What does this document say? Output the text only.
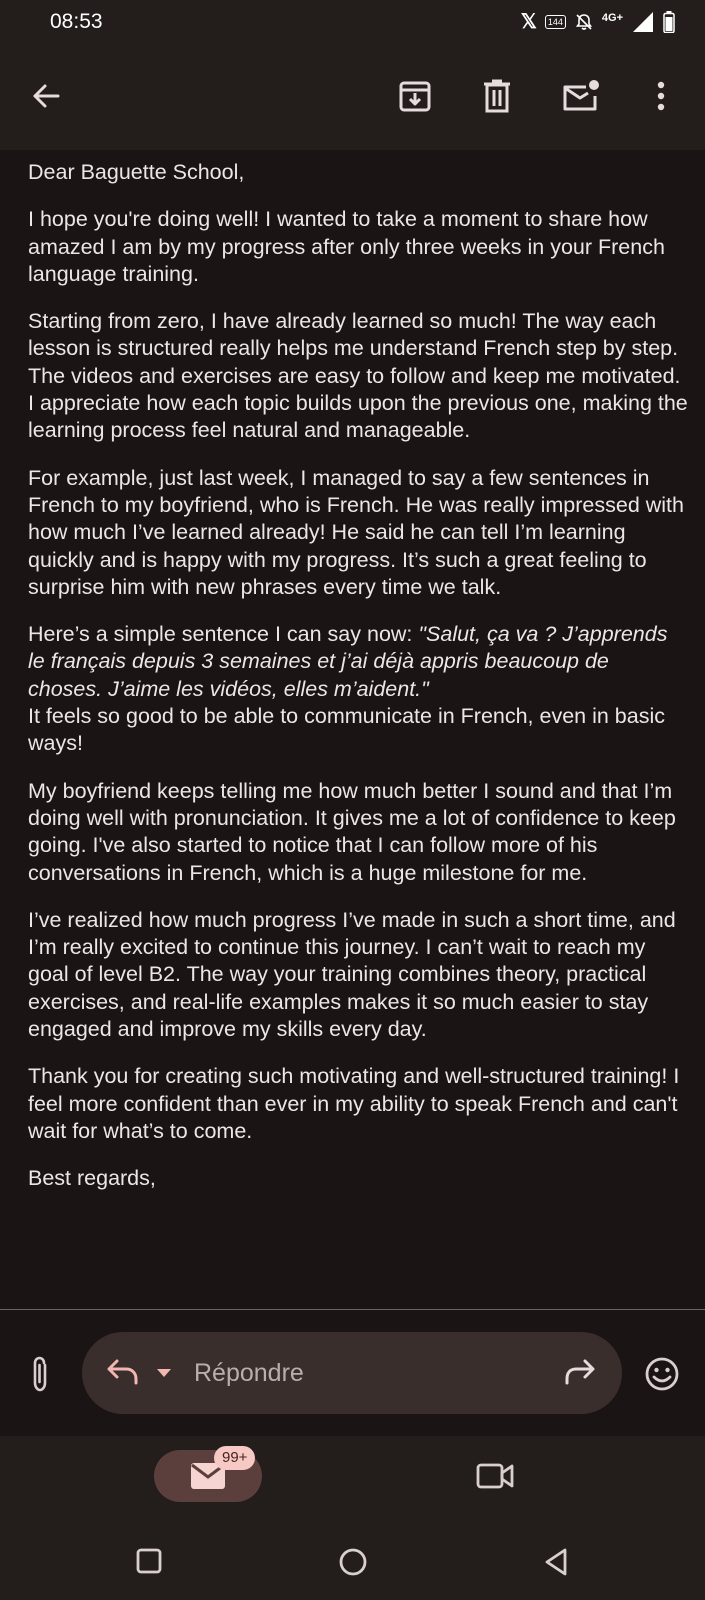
08:53	𝕏	144	4G+

Dear Baguette School,

I hope you're doing well! I wanted to take a moment to share how amazed I am by my progress after only three weeks in your French language training.

Starting from zero, I have already learned so much! The way each lesson is structured really helps me understand French step by step. The videos and exercises are easy to follow and keep me motivated. I appreciate how each topic builds upon the previous one, making the learning process feel natural and manageable.

For example, just last week, I managed to say a few sentences in French to my boyfriend, who is French. He was really impressed with how much I’ve learned already! He said he can tell I’m learning quickly and is happy with my progress. It’s such a great feeling to surprise him with new phrases every time we talk.

Here’s a simple sentence I can say now: "Salut, ça va ? J’apprends le français depuis 3 semaines et j’ai déjà appris beaucoup de choses. J’aime les vidéos, elles m’aident."
It feels so good to be able to communicate in French, even in basic ways!

My boyfriend keeps telling me how much better I sound and that I’m doing well with pronunciation. It gives me a lot of confidence to keep going. I've also started to notice that I can follow more of his conversations in French, which is a huge milestone for me.

I’ve realized how much progress I’ve made in such a short time, and I’m really excited to continue this journey. I can’t wait to reach my goal of level B2. The way your training combines theory, practical exercises, and real-life examples makes it so much easier to stay engaged and improve my skills every day.

Thank you for creating such motivating and well-structured training! I feel more confident than ever in my ability to speak French and can't wait for what’s to come.

Best regards,

Répondre
99+
